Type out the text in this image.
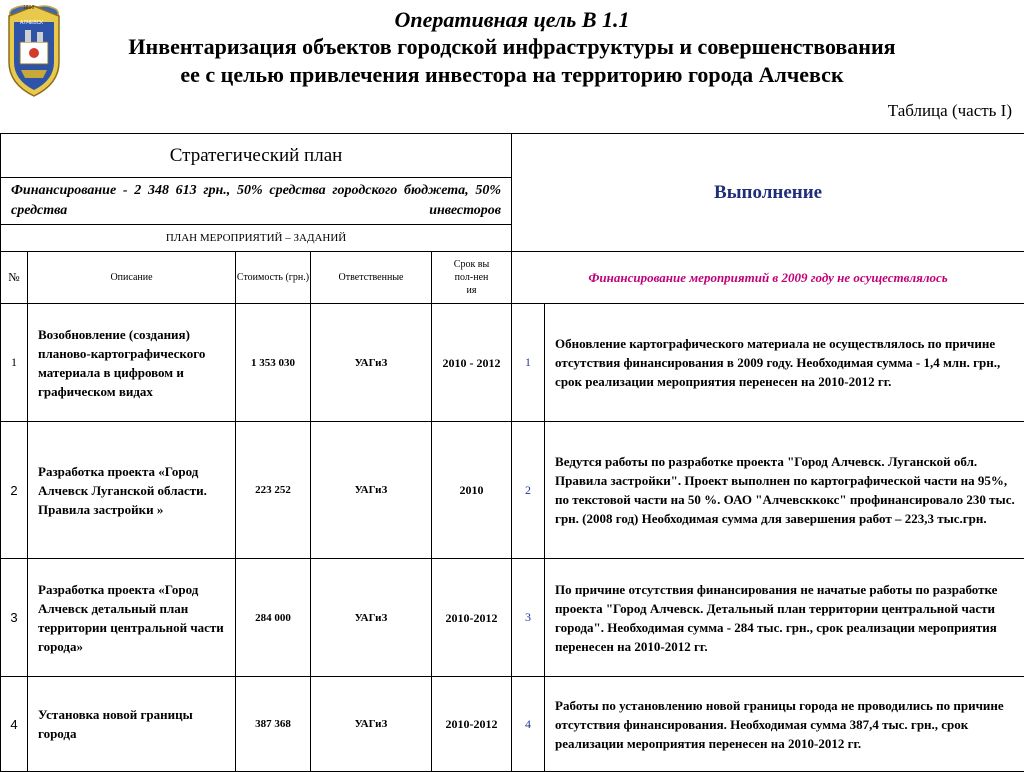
1896
АЛЧЕВСК	Оперативная цель В 1.1
Инвентаризация объектов городской инфраструктуры и совершенствования
ее с целью привлечения инвестора на территорию города Алчевск
Таблица (часть I)
Стратегический план					Выполнение	
Финансирование - 2 348 613 грн., 50% средства городского бюджета, 50% средства инвесторов						
ПЛАН МЕРОПРИЯТИЙ – ЗАДАНИЙ						
№	Описание	Стоимость (грн.)	Ответственные	Срок выпол-нения	Финансирование мероприятий в 2009 году не осуществлялось	
1	Возобновление (создания) планово-картографического материала в цифровом и графическом видах	1 353 030	УАГиЗ	2010 - 2012	1	Обновление картографического материала не осуществлялось по причине отсутствия финансирования в 2009 году. Необходимая сумма - 1,4 млн. грн., срок реализации мероприятия перенесен на 2010-2012 гг.
2	Разработка проекта «Город Алчевск Луганской области. Правила застройки »	223 252	УАГиЗ	2010	2	Ведутся работы по разработке проекта "Город Алчевск. Луганской обл. Правила застройки". Проект выполнен по картографической части на 95%, по текстовой части на 50 %. ОАО "Алчевсккокс" профинансировало 230 тыс. грн. (2008 год) Необходимая сумма для завершения работ – 223,3 тыс.грн.
3	Разработка проекта «Город Алчевск детальный план территории центральной части города»	284 000	УАГиЗ	2010-2012	3	По причине отсутствия финансирования не начатые работы по разработке проекта "Город Алчевск. Детальный план территории центральной части города". Необходимая сумма - 284 тыс. грн., срок реализации мероприятия перенесен на 2010-2012 гг.
4	Установка новой границы города	387 368	УАГиЗ	2010-2012	4	Работы по установлению новой границы города не проводились по причине отсутствия финансирования. Необходимая сумма 387,4 тыс. грн., срок реализации мероприятия перенесен на 2010-2012 гг.
